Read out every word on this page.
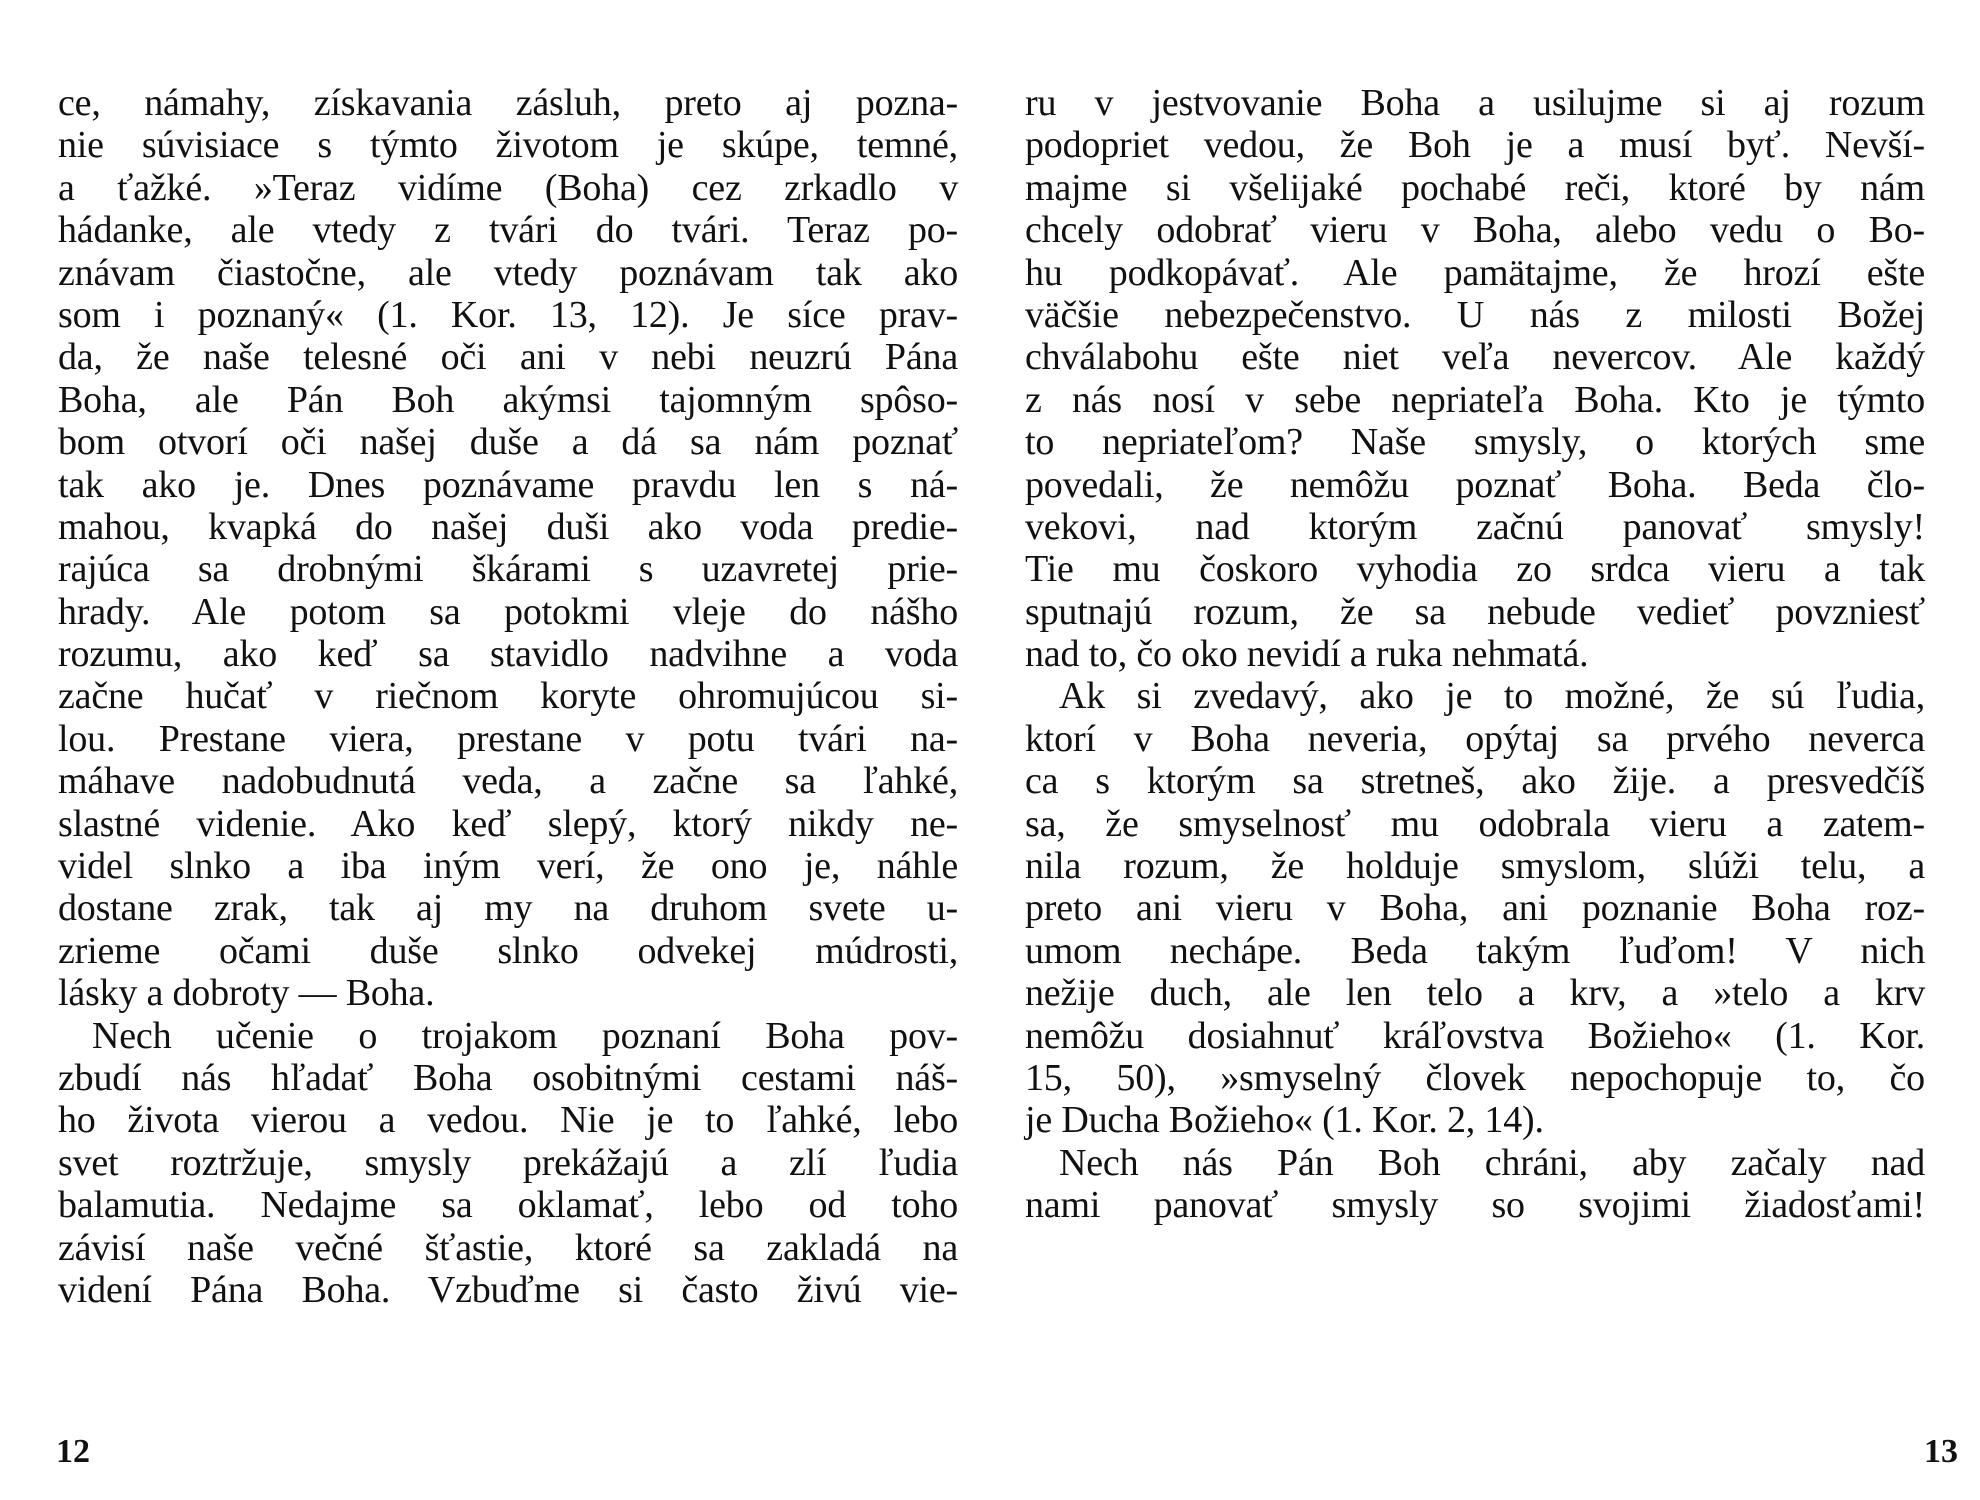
ce, námahy, získavania zásluh, preto aj pozna-
nie súvisiace s týmto životom je skúpe, temné,
a ťažké. »Teraz vidíme (Boha) cez zrkadlo v
hádanke, ale vtedy z tvári do tvári. Teraz po-
znávam čiastočne, ale vtedy poznávam tak ako
som i poznaný« (1. Kor. 13, 12). Je síce prav-
da, že naše telesné oči ani v nebi neuzrú Pána
Boha, ale Pán Boh akýmsi tajomným spôso-
bom otvorí oči našej duše a dá sa nám poznať
tak ako je. Dnes poznávame pravdu len s ná-
mahou, kvapká do našej duši ako voda predie-
rajúca sa drobnými škárami s uzavretej prie-
hrady. Ale potom sa potokmi vleje do nášho
rozumu, ako keď sa stavidlo nadvihne a voda
začne hučať v riečnom koryte ohromujúcou si-
lou. Prestane viera, prestane v potu tvári na-
máhave nadobudnutá veda, a začne sa ľahké,
slastné videnie. Ako keď slepý, ktorý nikdy ne-
videl slnko a iba iným verí, že ono je, náhle
dostane zrak, tak aj my na druhom svete u-
zrieme očami duše slnko odvekej múdrosti,
lásky a dobroty — Boha.
Nech učenie o trojakom poznaní Boha pov-
zbudí nás hľadať Boha osobitnými cestami náš-
ho života vierou a vedou. Nie je to ľahké, lebo
svet roztržuje, smysly prekážajú a zlí ľudia
balamutia. Nedajme sa oklamať, lebo od toho
závisí naše večné šťastie, ktoré sa zakladá na
videní Pána Boha. Vzbuďme si často živú vie-
12
ru v jestvovanie Boha a usilujme si aj rozum
podopriet vedou, že Boh je a musí byť. Nevší-
majme si všelijaké pochabé reči, ktoré by nám
chcely odobrať vieru v Boha, alebo vedu o Bo-
hu podkopávať. Ale pamätajme, že hrozí ešte
väčšie nebezpečenstvo. U nás z milosti Božej
chválabohu ešte niet veľa nevercov. Ale každý
z nás nosí v sebe nepriateľa Boha. Kto je týmto
to nepriateľom? Naše smysly, o ktorých sme
povedali, že nemôžu poznať Boha. Beda člo-
vekovi, nad ktorým začnú panovať smysly!
Tie mu čoskoro vyhodia zo srdca vieru a tak
sputnajú rozum, že sa nebude vedieť povzniesť
nad to, čo oko nevidí a ruka nehmatá.
Ak si zvedavý, ako je to možné, že sú ľudia,
ktorí v Boha neveria, opýtaj sa prvého neverca
ca s ktorým sa stretneš, ako žije. a presvedčíš
sa, že smyselnosť mu odobrala vieru a zatem-
nila rozum, že holduje smyslom, slúži telu, a
preto ani vieru v Boha, ani poznanie Boha roz-
umom nechápe. Beda takým ľuďom! V nich
nežije duch, ale len telo a krv, a »telo a krv
nemôžu dosiahnuť kráľovstva Božieho« (1. Kor.
15, 50), »smyselný človek nepochopuje to, čo
je Ducha Božieho« (1. Kor. 2, 14).
Nech nás Pán Boh chráni, aby začaly nad
nami panovať smysly so svojimi žiadosťami!
13
